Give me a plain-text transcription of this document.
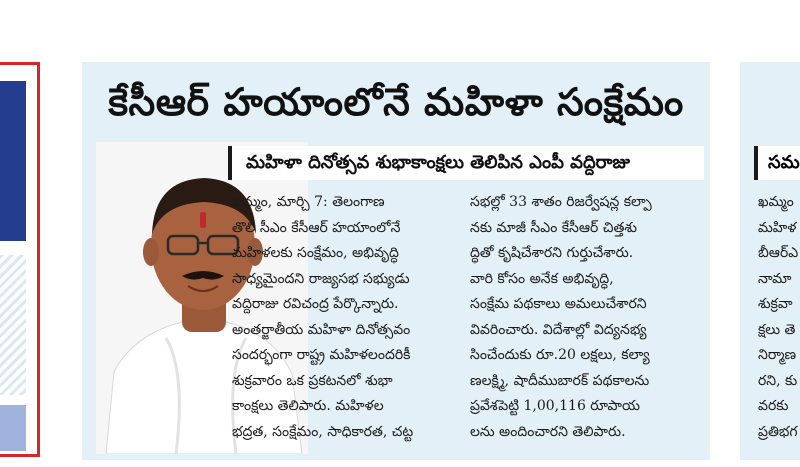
కేసీఆర్ హయాంలోనే మహిళా సంక్షేమం
మహిళా దినోత్సవ శుభాకాంక్షలు తెలిపిన ఎంపీ వద్దిరాజు
ఖమ్మం, మార్చి 7: తెలంగాణ
తొలి సీఎం కేసీఆర్ హయాంలోనే
మహిళలకు సంక్షేమం, అభివృద్ధి
సాధ్యమైందని రాజ్యసభ సభ్యుడు
వద్దిరాజు రవిచంద్ర పేర్కొన్నారు.
అంతర్జాతీయ మహిళా దినోత్సవం
సందర్భంగా రాష్ట్ర మహిళలందరికీ
శుక్రవారం ఒక ప్రకటనలో శుభా
కాంక్షలు తెలిపారు. మహిళల
భద్రత, సంక్షేమం, సాధికారత, చట్ట
సభల్లో 33 శాతం రిజర్వేషన్ల కల్పా
నకు మాజీ సీఎం కేసీఆర్ చిత్తశు
ద్ధితో కృషిచేశారని గుర్తుచేశారు.
వారి కోసం అనేక అభివృద్ధి,
సంక్షేమ పథకాలు అమలుచేశారని
వివరించారు. విదేశాల్లో విద్యనభ్య
సించేందుకు రూ.20 లక్షలు, కల్యా
ణలక్ష్మి, షాదీముబారక్ పథకాలను
ప్రవేశపెట్టి 1,00,116 రూపాయ
లను అందించారని తెలిపారు.
సమ
ఖమ్మం
మహిళ
బీఆర్ఎ
నామా
శుక్రవా
క్షలు తె
నిర్మాణ
రని, కు
వరకు
ప్రతిభగ
